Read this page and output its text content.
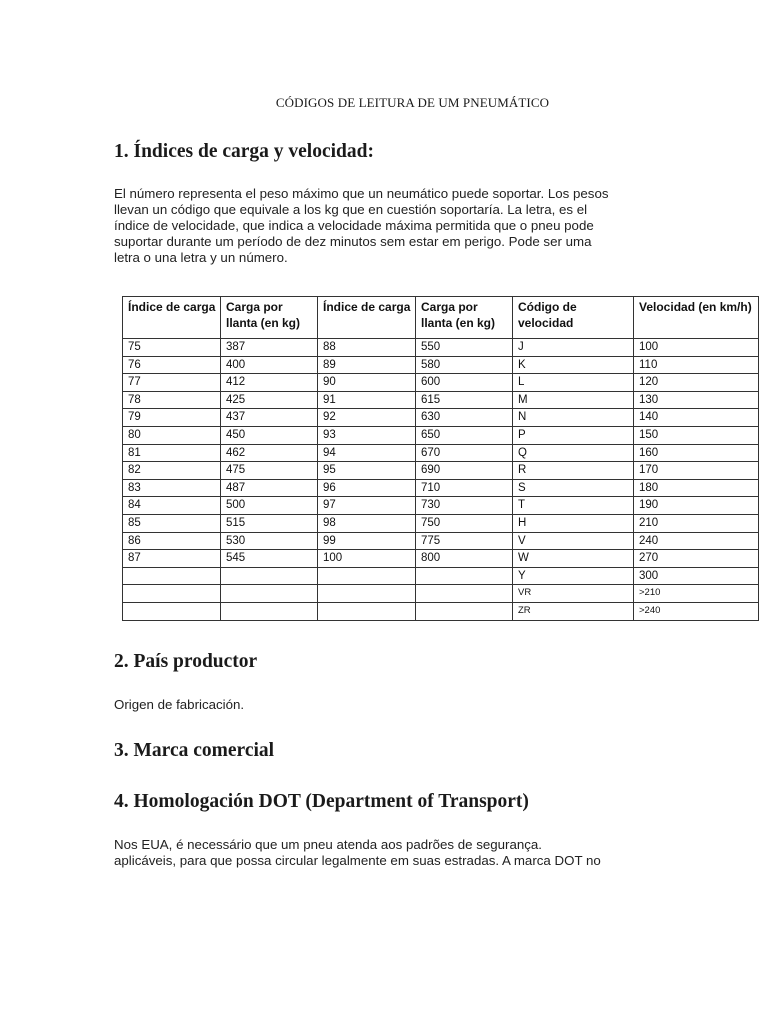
CÓDIGOS DE LEITURA DE UM PNEUMÁTICO
1. Índices de carga y velocidad:

El número representa el peso máximo que un neumático puede soportar. Los pesos
llevan un código que equivale a los kg que en cuestión soportaría. La letra, es el
índice de velocidade, que indica a velocidade máxima permitida que o pneu pode
suportar durante um período de dez minutos sem estar em perigo. Pode ser uma
letra o una letra y un número.

Índice de carga	Carga por llanta (en kg)	Índice de carga	Carga por llanta (en kg)	Código de velocidad	Velocidad (en km/h)
75	387	88	550	J	100
76	400	89	580	K	110
77	412	90	600	L	120
78	425	91	615	M	130
79	437	92	630	N	140
80	450	93	650	P	150
81	462	94	670	Q	160
82	475	95	690	R	170
83	487	96	710	S	180
84	500	97	730	T	190
85	515	98	750	H	210
86	530	99	775	V	240
87	545	100	800	W	270
				Y	300
				VR	>210
				ZR	>240
2. País productor

Origen de fabricación.

3. Marca comercial
4. Homologación DOT (Department of Transport)

Nos EUA, é necessário que um pneu atenda aos padrões de segurança.
aplicáveis, para que possa circular legalmente em suas estradas. A marca DOT no
